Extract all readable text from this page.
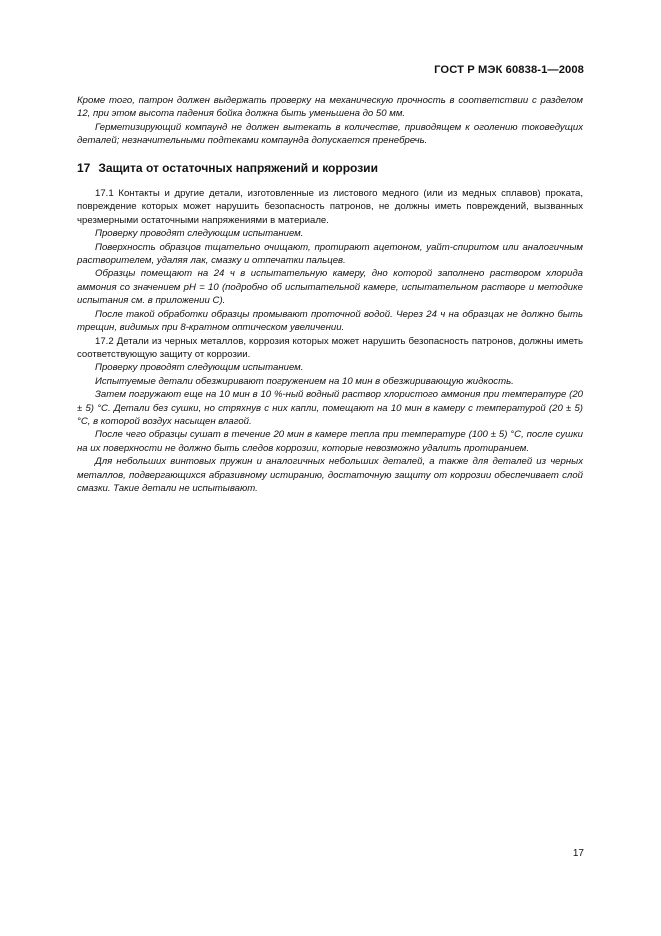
ГОСТ Р МЭК 60838-1—2008

Кроме того, патрон должен выдержать проверку на механическую прочность в соответствии с разделом 12, при этом высота падения бойка должна быть уменьшена до 50 мм.

Герметизирующий компаунд не должен вытекать в количестве, приводящем к оголению токоведущих деталей; незначительными подтеками компаунда допускается пренебречь.

17 Защита от остаточных напряжений и коррозии

17.1 Контакты и другие детали, изготовленные из листового медного (или из медных сплавов) проката, повреждение которых может нарушить безопасность патронов, не должны иметь повреждений, вызванных чрезмерными остаточными напряжениями в материале.

Проверку проводят следующим испытанием.

Поверхность образцов тщательно очищают, протирают ацетоном, уайт-спиритом или аналогичным растворителем, удаляя лак, смазку и отпечатки пальцев.

Образцы помещают на 24 ч в испытательную камеру, дно которой заполнено раствором хлорида аммония со значением pH = 10 (подробно об испытательной камере, испытательном растворе и методике испытания см. в приложении С).

После такой обработки образцы промывают проточной водой. Через 24 ч на образцах не должно быть трещин, видимых при 8-кратном оптическом увеличении.

17.2 Детали из черных металлов, коррозия которых может нарушить безопасность патронов, должны иметь соответствующую защиту от коррозии.

Проверку проводят следующим испытанием.

Испытуемые детали обезжиривают погружением на 10 мин в обезжиривающую жидкость.

Затем погружают еще на 10 мин в 10 %-ный водный раствор хлористого аммония при температуре (20 ± 5) °С. Детали без сушки, но стряхнув с них капли, помещают на 10 мин в камеру с температурой (20 ± 5) °С, в которой воздух насыщен влагой.

После чего образцы сушат в течение 20 мин в камере тепла при температуре (100 ± 5) °С, после сушки на их поверхности не должно быть следов коррозии, которые невозможно удалить протиранием.

Для небольших винтовых пружин и аналогичных небольших деталей, а также для деталей из черных металлов, подвергающихся абразивному истиранию, достаточную защиту от коррозии обеспечивает слой смазки. Такие детали не испытывают.

17
